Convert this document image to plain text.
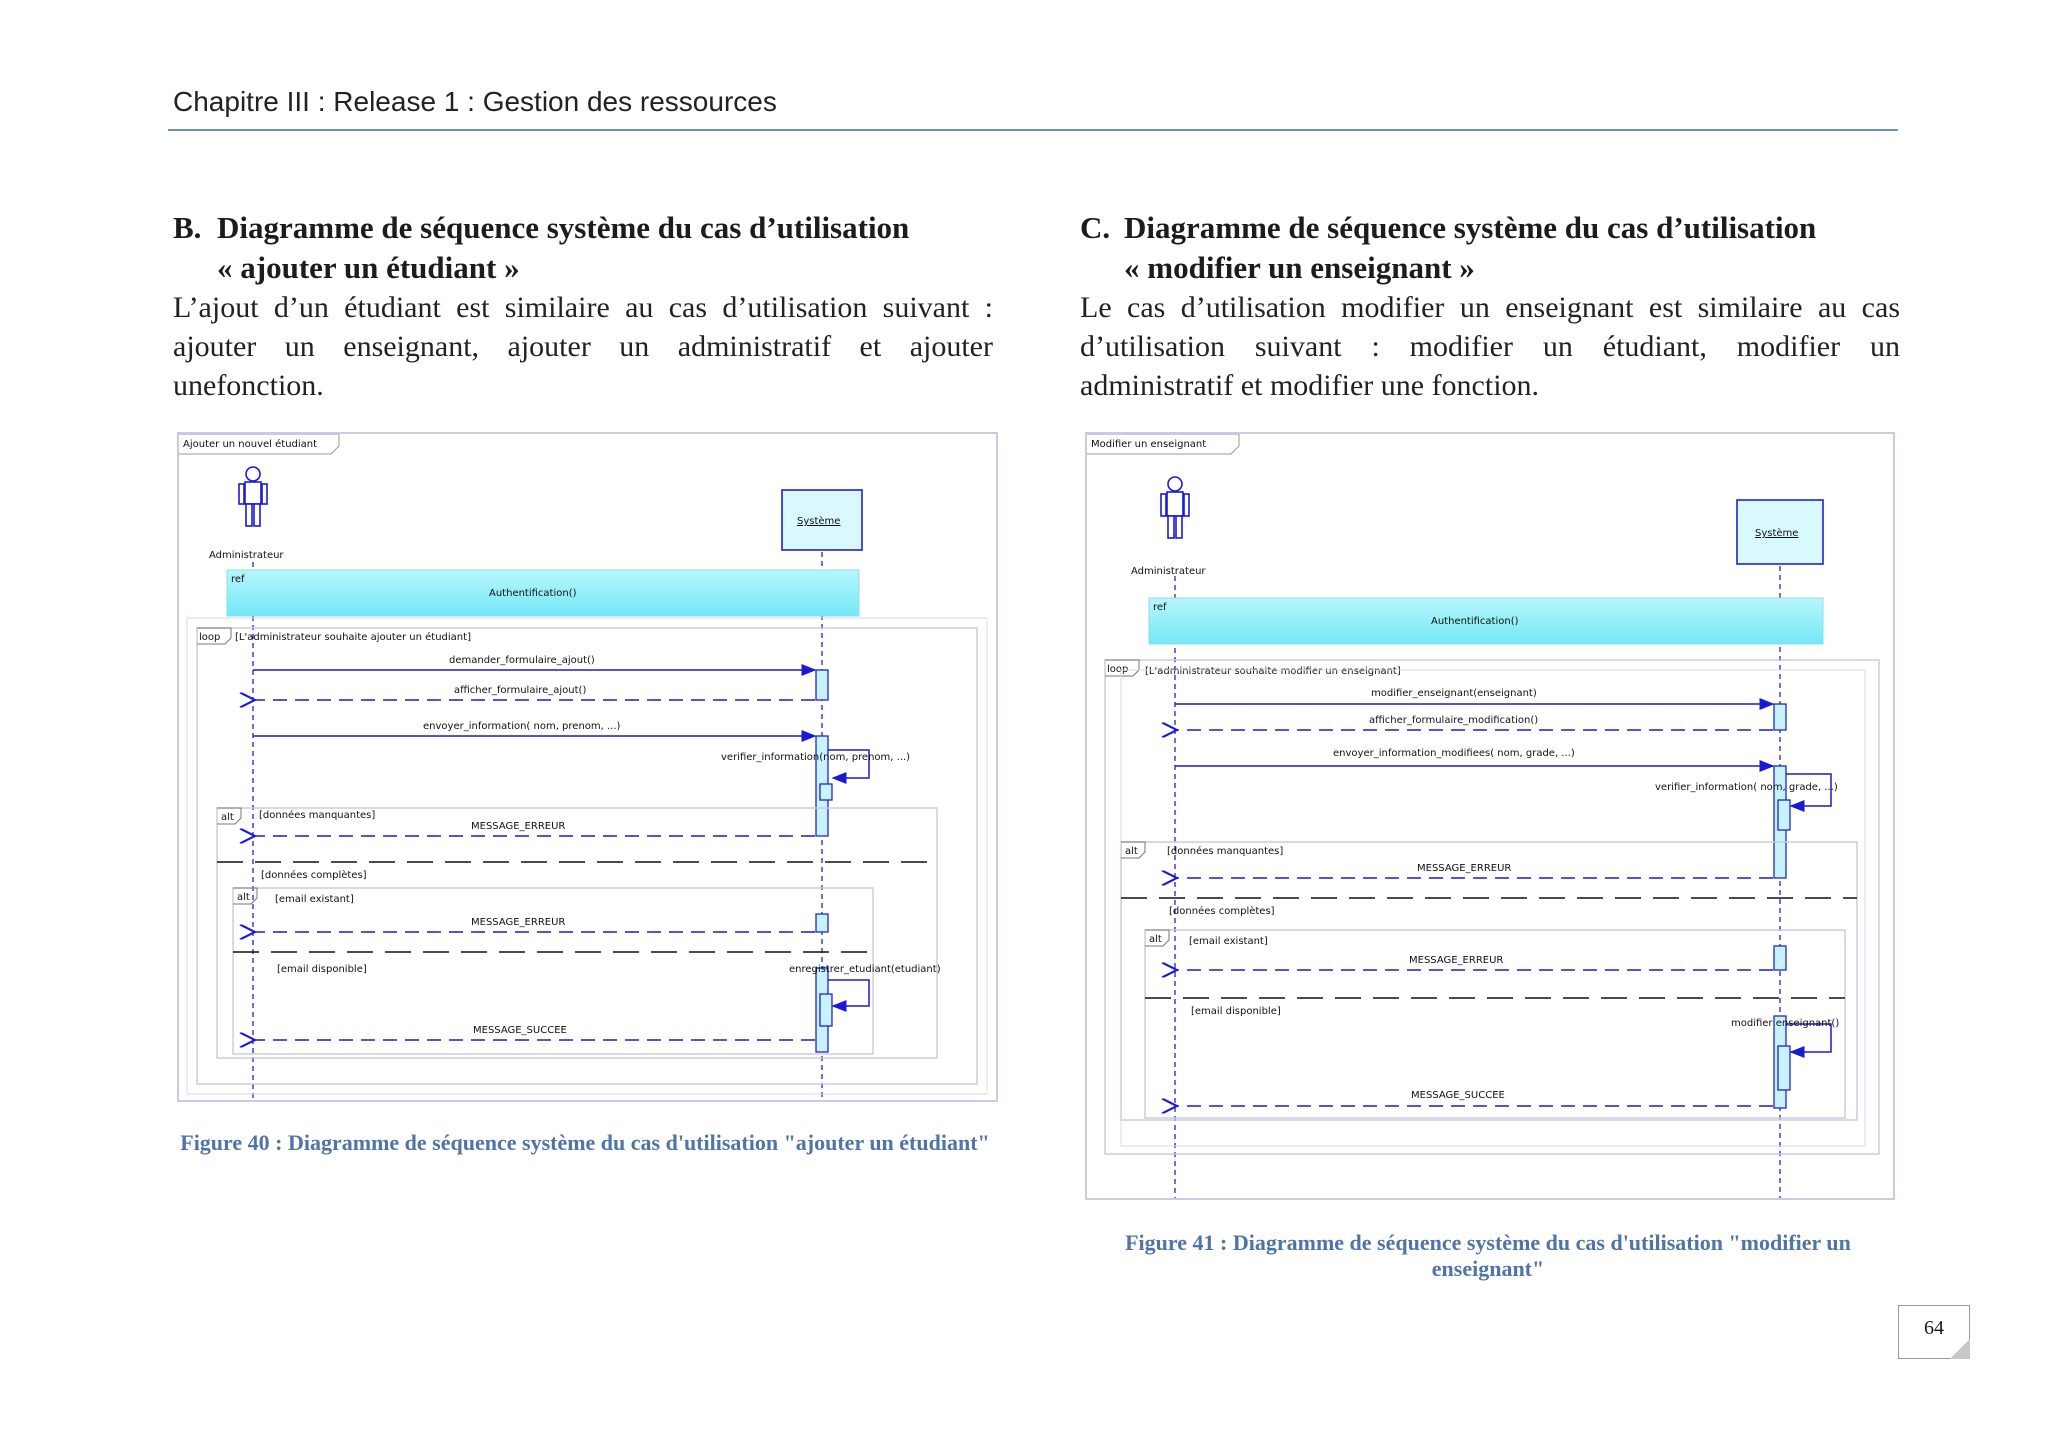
Chapitre III : Release 1 : Gestion des ressources
B. Diagramme de séquence système du cas d’utilisation
« ajouter un étudiant »

L’ajout d’un étudiant est similaire au cas d’utilisation suivant : ajouter un enseignant, ajouter un administratif et ajouter unefonction.

C. Diagramme de séquence système du cas d’utilisation
« modifier un enseignant »

Le cas d’utilisation modifier un enseignant est similaire au cas d’utilisation suivant : modifier un étudiant, modifier un administratif et modifier une fonction.

Ajouter un nouvel étudiant
Administrateur
Système
ref
Authentification()
loop [L'administrateur souhaite ajouter un étudiant]
demander_formulaire_ajout()
afficher_formulaire_ajout()
envoyer_information( nom, prenom, ...)
verifier_information(nom, prenom, ...)
alt	[données manquantes]
MESSAGE_ERREUR
[données complètes]
alt	[email existant]
MESSAGE_ERREUR
[email disponible]	enregistrer_etudiant(etudiant)
MESSAGE_SUCCEE
Figure 40 : Diagramme de séquence système du cas d'utilisation "ajouter un étudiant"
Modifier un enseignant
Administrateur
Système
ref
Authentification()
loop [L'administrateur souhaite modifier un enseignant]
modifier_enseignant(enseignant)
afficher_formulaire_modification()
envoyer_information_modifiees( nom, grade, ...)
verifier_information( nom, grade, ...)
alt	[données manquantes]
MESSAGE_ERREUR
[données complètes]
alt	[email existant]
MESSAGE_ERREUR
[email disponible]
modifier enseignant()
MESSAGE_SUCCEE
Figure 41 : Diagramme de séquence système du cas d'utilisation "modifier un
enseignant"
64
